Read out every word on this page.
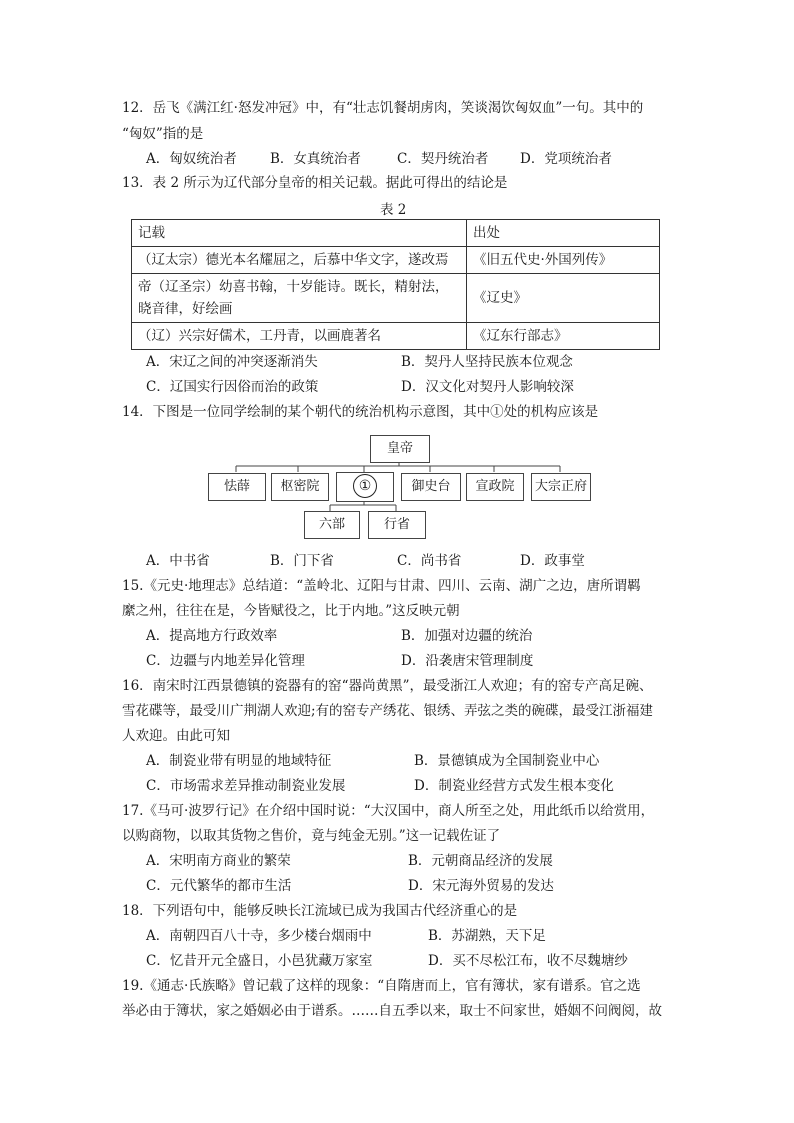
12．岳飞《满江红·怒发冲冠》中，有“壮志饥餐胡虏肉，笑谈渴饮匈奴血”一句。其中的
“匈奴”指的是
A．匈奴统治者 B．女真统治者	C．契丹统治者 D．党项统治者
13．表 2 所示为辽代部分皇帝的相关记载。据此可得出的结论是
表 2
记载	出处
（辽太宗）德光本名耀屈之，后慕中华文字，遂改焉	《旧五代史·外国列传》
帝（辽圣宗）幼喜书翰，十岁能诗。既长，精射法，晓音律，好绘画	《辽史》
（辽）兴宗好儒术，工丹青，以画鹿著名	《辽东行部志》
A．宋辽之间的冲突逐渐消失	B．契丹人坚持民族本位观念
C．辽国实行因俗而治的政策	D．汉文化对契丹人影响较深
14．下图是一位同学绘制的某个朝代的统治机构示意图，其中①处的机构应该是
皇帝
怯薛	枢密院	①	御史台	宣政院	大宗正府
六部	行省
A．中书省	B．门下省	C．尚书省	D．政事堂
15.《元史·地理志》总结道：“盖岭北、辽阳与甘肃、四川、云南、湖广之边，唐所谓羁
縻之州，往往在是，今皆赋役之，比于内地。”这反映元朝
A．提高地方行政效率	B．加强对边疆的统治
C．边疆与内地差异化管理	D．沿袭唐宋管理制度
16．南宋时江西景德镇的瓷器有的窑“器尚黄黑”，最受浙江人欢迎；有的窑专产高足碗、
雪花碟等，最受川广荆湖人欢迎;有的窑专产绣花、银绣、弄弦之类的碗碟，最受江浙福建
人欢迎。由此可知
A．制瓷业带有明显的地域特征	B．景德镇成为全国制瓷业中心
C．市场需求差异推动制瓷业发展	D．制瓷业经营方式发生根本变化
17.《马可·波罗行记》在介绍中国时说：“大汉国中，商人所至之处，用此纸币以给赏用，
以购商物，以取其货物之售价，竟与纯金无别。”这一记载佐证了
A．宋明南方商业的繁荣	B．元朝商品经济的发展
C．元代繁华的都市生活	D．宋元海外贸易的发达
18．下列语句中，能够反映长江流域已成为我国古代经济重心的是
A．南朝四百八十寺，多少楼台烟雨中	B．苏湖熟，天下足
C．忆昔开元全盛日，小邑犹藏万家室	D．买不尽松江布，收不尽魏塘纱
19.《通志·氏族略》曾记载了这样的现象：“自隋唐而上，官有簿状，家有谱系。官之选
举必由于簿状，家之婚姻必由于谱系。……自五季以来，取士不问家世，婚姻不问阀阅，故
